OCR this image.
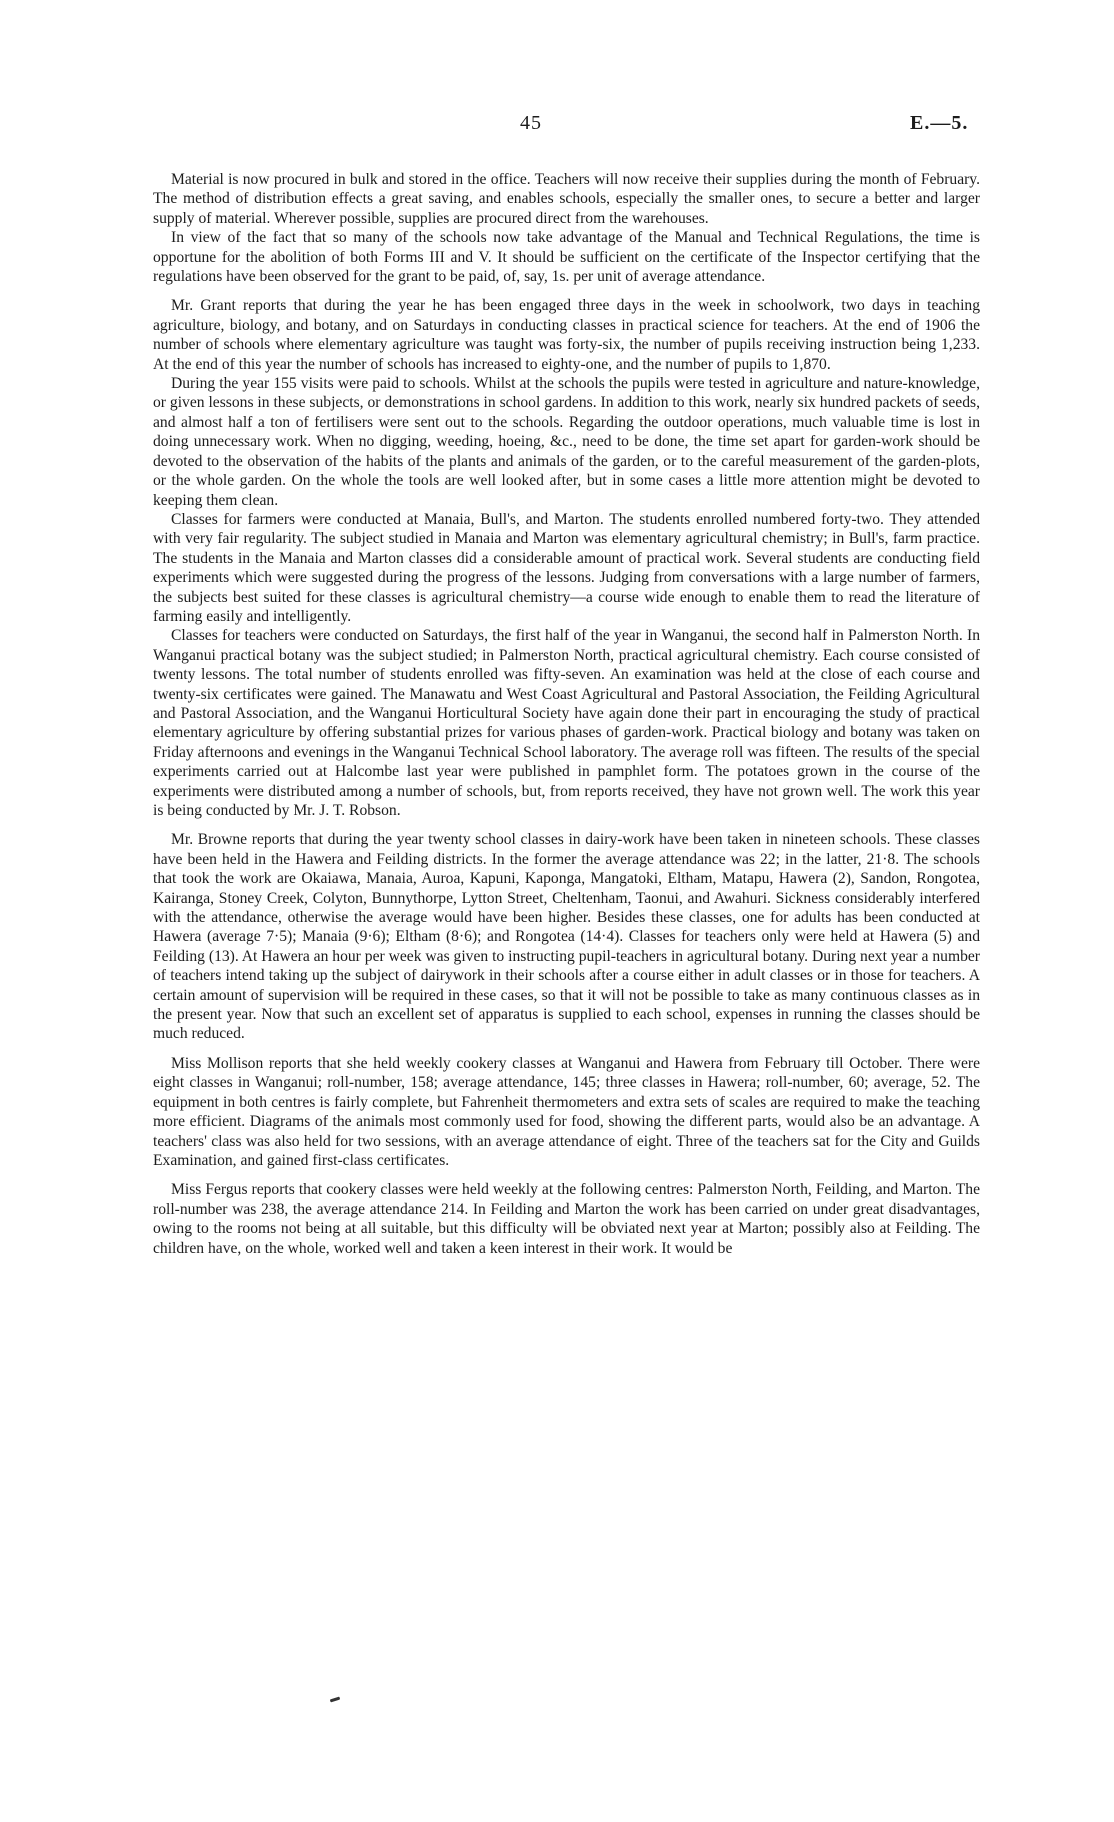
45	E.—5.

Material is now procured in bulk and stored in the office. Teachers will now receive their supplies during the month of February. The method of distribution effects a great saving, and enables schools, especially the smaller ones, to secure a better and larger supply of material. Wherever possible, supplies are procured direct from the warehouses.

In view of the fact that so many of the schools now take advantage of the Manual and Technical Regulations, the time is opportune for the abolition of both Forms III and V. It should be sufficient on the certificate of the Inspector certifying that the regulations have been observed for the grant to be paid, of, say, 1s. per unit of average attendance.

Mr. Grant reports that during the year he has been engaged three days in the week in schoolwork, two days in teaching agriculture, biology, and botany, and on Saturdays in conducting classes in practical science for teachers. At the end of 1906 the number of schools where elementary agriculture was taught was forty-six, the number of pupils receiving instruction being 1,233. At the end of this year the number of schools has increased to eighty-one, and the number of pupils to 1,870.

During the year 155 visits were paid to schools. Whilst at the schools the pupils were tested in agriculture and nature-knowledge, or given lessons in these subjects, or demonstrations in school gardens. In addition to this work, nearly six hundred packets of seeds, and almost half a ton of fertilisers were sent out to the schools. Regarding the outdoor operations, much valuable time is lost in doing unnecessary work. When no digging, weeding, hoeing, &c., need to be done, the time set apart for garden-work should be devoted to the observation of the habits of the plants and animals of the garden, or to the careful measurement of the garden-plots, or the whole garden. On the whole the tools are well looked after, but in some cases a little more attention might be devoted to keeping them clean.

Classes for farmers were conducted at Manaia, Bull's, and Marton. The students enrolled numbered forty-two. They attended with very fair regularity. The subject studied in Manaia and Marton was elementary agricultural chemistry; in Bull's, farm practice. The students in the Manaia and Marton classes did a considerable amount of practical work. Several students are conducting field experiments which were suggested during the progress of the lessons. Judging from conversations with a large number of farmers, the subjects best suited for these classes is agricultural chemistry—a course wide enough to enable them to read the literature of farming easily and intelligently.

Classes for teachers were conducted on Saturdays, the first half of the year in Wanganui, the second half in Palmerston North. In Wanganui practical botany was the subject studied; in Palmerston North, practical agricultural chemistry. Each course consisted of twenty lessons. The total number of students enrolled was fifty-seven. An examination was held at the close of each course and twenty-six certificates were gained. The Manawatu and West Coast Agricultural and Pastoral Association, the Feilding Agricultural and Pastoral Association, and the Wanganui Horticultural Society have again done their part in encouraging the study of practical elementary agriculture by offering substantial prizes for various phases of garden-work. Practical biology and botany was taken on Friday afternoons and evenings in the Wanganui Technical School laboratory. The average roll was fifteen. The results of the special experiments carried out at Halcombe last year were published in pamphlet form. The potatoes grown in the course of the experiments were distributed among a number of schools, but, from reports received, they have not grown well. The work this year is being conducted by Mr. J. T. Robson.

Mr. Browne reports that during the year twenty school classes in dairy-work have been taken in nineteen schools. These classes have been held in the Hawera and Feilding districts. In the former the average attendance was 22; in the latter, 21·8. The schools that took the work are Okaiawa, Manaia, Auroa, Kapuni, Kaponga, Mangatoki, Eltham, Matapu, Hawera (2), Sandon, Rongotea, Kairanga, Stoney Creek, Colyton, Bunnythorpe, Lytton Street, Cheltenham, Taonui, and Awahuri. Sickness considerably interfered with the attendance, otherwise the average would have been higher. Besides these classes, one for adults has been conducted at Hawera (average 7·5); Manaia (9·6); Eltham (8·6); and Rongotea (14·4). Classes for teachers only were held at Hawera (5) and Feilding (13). At Hawera an hour per week was given to instructing pupil-teachers in agricultural botany. During next year a number of teachers intend taking up the subject of dairywork in their schools after a course either in adult classes or in those for teachers. A certain amount of supervision will be required in these cases, so that it will not be possible to take as many continuous classes as in the present year. Now that such an excellent set of apparatus is supplied to each school, expenses in running the classes should be much reduced.

Miss Mollison reports that she held weekly cookery classes at Wanganui and Hawera from February till October. There were eight classes in Wanganui; roll-number, 158; average attendance, 145; three classes in Hawera; roll-number, 60; average, 52. The equipment in both centres is fairly complete, but Fahrenheit thermometers and extra sets of scales are required to make the teaching more efficient. Diagrams of the animals most commonly used for food, showing the different parts, would also be an advantage. A teachers' class was also held for two sessions, with an average attendance of eight. Three of the teachers sat for the City and Guilds Examination, and gained first-class certificates.

Miss Fergus reports that cookery classes were held weekly at the following centres: Palmerston North, Feilding, and Marton. The roll-number was 238, the average attendance 214. In Feilding and Marton the work has been carried on under great disadvantages, owing to the rooms not being at all suitable, but this difficulty will be obviated next year at Marton; possibly also at Feilding. The children have, on the whole, worked well and taken a keen interest in their work. It would be
